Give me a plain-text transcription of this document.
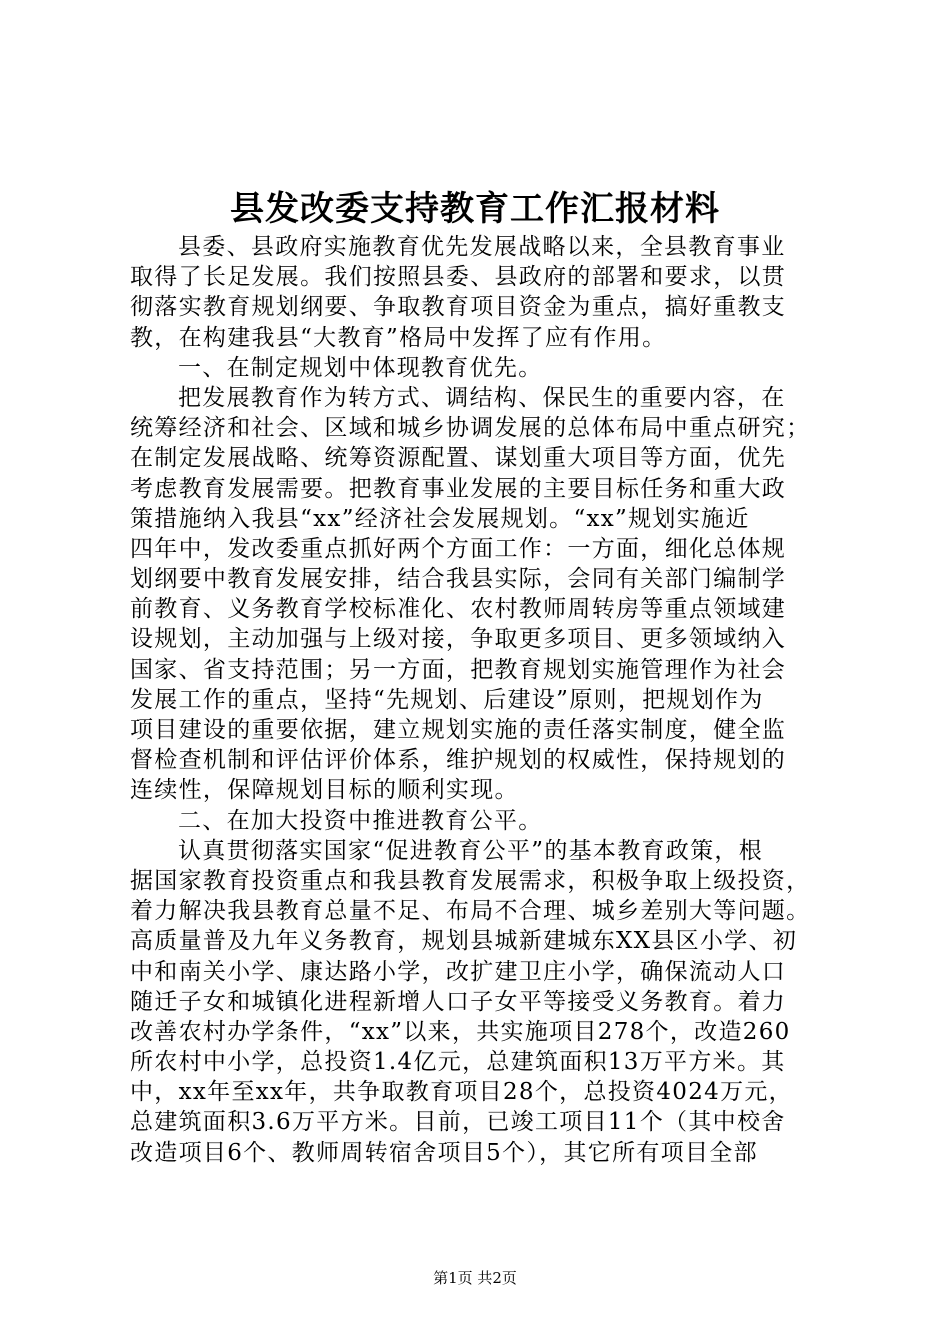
县发改委支持教育工作汇报材料
县委、县政府实施教育优先发展战略以来，全县教育事业
取得了长足发展。我们按照县委、县政府的部署和要求，以贯
彻落实教育规划纲要、争取教育项目资金为重点，搞好重教支
教，在构建我县“大教育”格局中发挥了应有作用。
一、在制定规划中体现教育优先。
把发展教育作为转方式、调结构、保民生的重要内容，在
统筹经济和社会、区域和城乡协调发展的总体布局中重点研究；
在制定发展战略、统筹资源配置、谋划重大项目等方面，优先
考虑教育发展需要。把教育事业发展的主要目标任务和重大政
策措施纳入我县“xx”经济社会发展规划。“xx”规划实施近
四年中，发改委重点抓好两个方面工作：一方面，细化总体规
划纲要中教育发展安排，结合我县实际，会同有关部门编制学
前教育、义务教育学校标准化、农村教师周转房等重点领域建
设规划，主动加强与上级对接，争取更多项目、更多领域纳入
国家、省支持范围；另一方面，把教育规划实施管理作为社会
发展工作的重点，坚持“先规划、后建设”原则，把规划作为
项目建设的重要依据，建立规划实施的责任落实制度，健全监
督检查机制和评估评价体系，维护规划的权威性，保持规划的
连续性，保障规划目标的顺利实现。
二、在加大投资中推进教育公平。
认真贯彻落实国家“促进教育公平”的基本教育政策，根
据国家教育投资重点和我县教育发展需求，积极争取上级投资，
着力解决我县教育总量不足、布局不合理、城乡差别大等问题。
高质量普及九年义务教育，规划县城新建城东XX县区小学、初
中和南关小学、康达路小学，改扩建卫庄小学，确保流动人口
随迁子女和城镇化进程新增人口子女平等接受义务教育。着力
改善农村办学条件，“xx”以来，共实施项目278个，改造260
所农村中小学，总投资1.4亿元，总建筑面积13万平方米。其
中，xx年至xx年，共争取教育项目28个，总投资4024万元，
总建筑面积3.6万平方米。目前，已竣工项目11个（其中校舍
改造项目6个、教师周转宿舍项目5个），其它所有项目全部
第1页 共2页
